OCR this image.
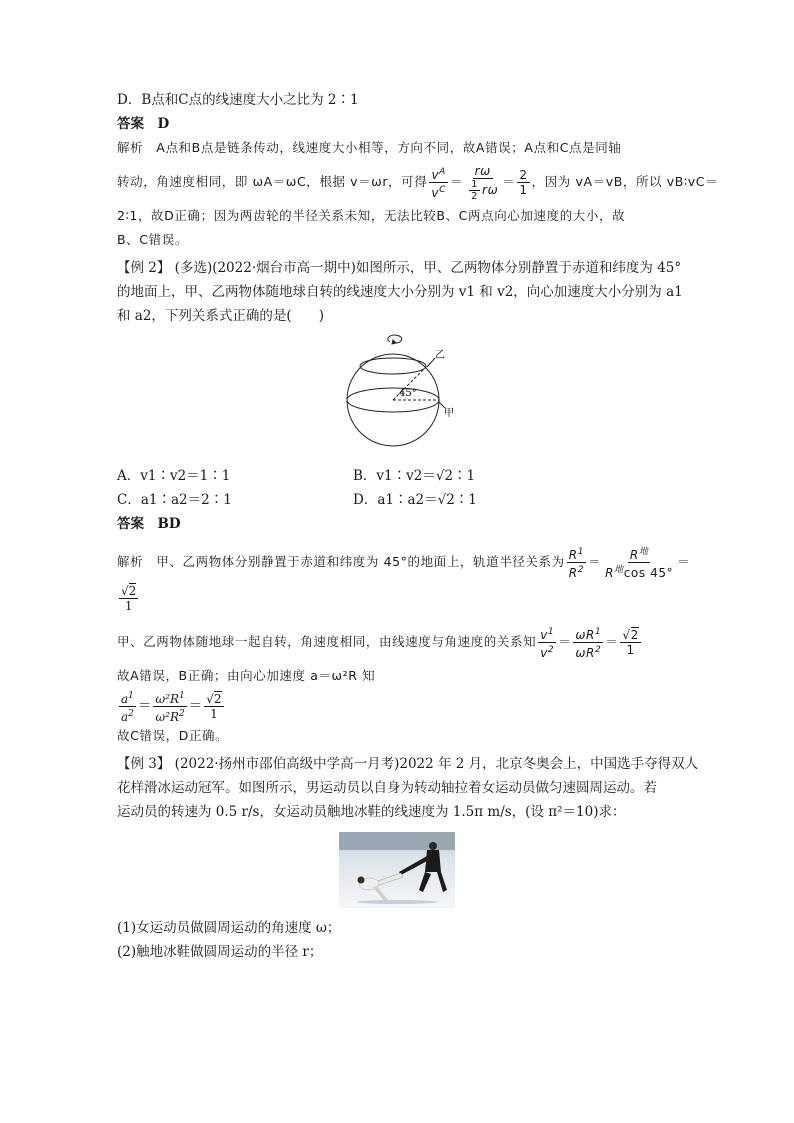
D．B点和C点的线速度大小之比为 2∶1
答案　D
解析　A点和B点是链条传动，线速度大小相等，方向不同，故A错误；A点和C点是同轴
转动，角速度相同，即 ωA＝ωC，根据 v＝ωr，可得 $\frac{v^A}{v^C} = \frac{r\omega}{\frac{1}{2} r\omega} = \frac{2}{1}$ ，因为 vA＝vB，所以 vB∶vC＝
2∶1，故D正确；因为两齿轮的半径关系未知，无法比较B、C两点向心加速度的大小，故
B、C错误。
【例 2】 (多选)(2022·烟台市高一期中)如图所示，甲、乙两物体分别静置于赤道和纬度为 45°
的地面上，甲、乙两物体随地球自转的线速度大小分别为 v1 和 v2，向心加速度大小分别为 a1
和 a2，下列关系式正确的是(　　)
45°
乙
甲
A．v1∶v2＝1∶1	B．v1∶v2＝√2∶1
C．a1∶a2＝2∶1	D．a1∶a2＝√2∶1
答案　BD
解析　甲、乙两物体分别静置于赤道和纬度为 45°的地面上，轨道半径关系为 $\frac{R^1}{R^2} = \frac{R^地}{R^地\cos 45^\circ}$ ＝
$\frac{√2}{1}$
甲、乙两物体随地球一起自转，角速度相同，由线速度与角速度的关系知 $\frac{v^1}{v^2} = \frac{\omega R^1}{\omega R^2} = \frac{√2}{1}$
故A错误，B正确；由向心加速度 a＝ω²R 知
$\frac{a^1}{a^2} = \frac{\omega^2R^1}{\omega^2R^2} = \frac{√2}{1}$
故C错误，D正确。
【例 3】 (2022·扬州市邵伯高级中学高一月考)2022 年 2 月，北京冬奥会上，中国选手夺得双人
花样滑冰运动冠军。如图所示，男运动员以自身为转动轴拉着女运动员做匀速圆周运动。若
运动员的转速为 0.5 r/s，女运动员触地冰鞋的线速度为 1.5π m/s，(设 π²＝10)求：
(1)女运动员做圆周运动的角速度 ω；
(2)触地冰鞋做圆周运动的半径 r；
